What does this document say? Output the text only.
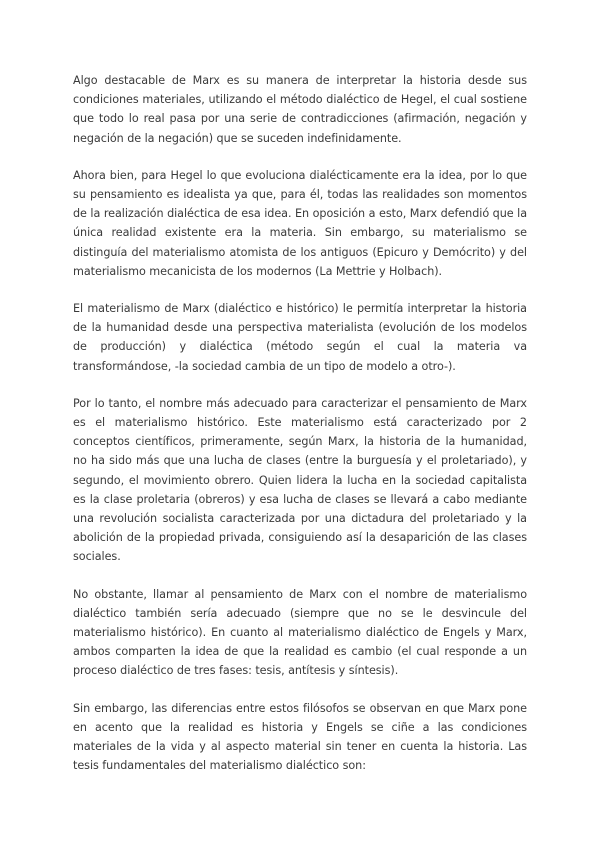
Algo destacable de Marx es su manera de interpretar la historia desde sus condiciones materiales, utilizando el método dialéctico de Hegel, el cual sostiene que todo lo real pasa por una serie de contradicciones (afirmación, negación y negación de la negación) que se suceden indefinidamente.

Ahora bien, para Hegel lo que evoluciona dialécticamente era la idea, por lo que su pensamiento es idealista ya que, para él, todas las realidades son momentos de la realización dialéctica de esa idea. En oposición a esto, Marx defendió que la única realidad existente era la materia. Sin embargo, su materialismo se distinguía del materialismo atomista de los antiguos (Epicuro y Demócrito) y del materialismo mecanicista de los modernos (La Mettrie y Holbach).

El materialismo de Marx (dialéctico e histórico) le permitía interpretar la historia de la humanidad desde una perspectiva materialista (evolución de los modelos de producción) y dialéctica (método según el cual la materia va transformándose, -la sociedad cambia de un tipo de modelo a otro-).

Por lo tanto, el nombre más adecuado para caracterizar el pensamiento de Marx es el materialismo histórico. Este materialismo está caracterizado por 2 conceptos científicos, primeramente, según Marx, la historia de la humanidad, no ha sido más que una lucha de clases (entre la burguesía y el proletariado), y segundo, el movimiento obrero. Quien lidera la lucha en la sociedad capitalista es la clase proletaria (obreros) y esa lucha de clases se llevará a cabo mediante una revolución socialista caracterizada por una dictadura del proletariado y la abolición de la propiedad privada, consiguiendo así la desaparición de las clases sociales.

No obstante, llamar al pensamiento de Marx con el nombre de materialismo dialéctico también sería adecuado (siempre que no se le desvincule del materialismo histórico). En cuanto al materialismo dialéctico de Engels y Marx, ambos comparten la idea de que la realidad es cambio (el cual responde a un proceso dialéctico de tres fases: tesis, antítesis y síntesis).

Sin embargo, las diferencias entre estos filósofos se observan en que Marx pone en acento que la realidad es historia y Engels se ciñe a las condiciones materiales de la vida y al aspecto material sin tener en cuenta la historia. Las tesis fundamentales del materialismo dialéctico son:
